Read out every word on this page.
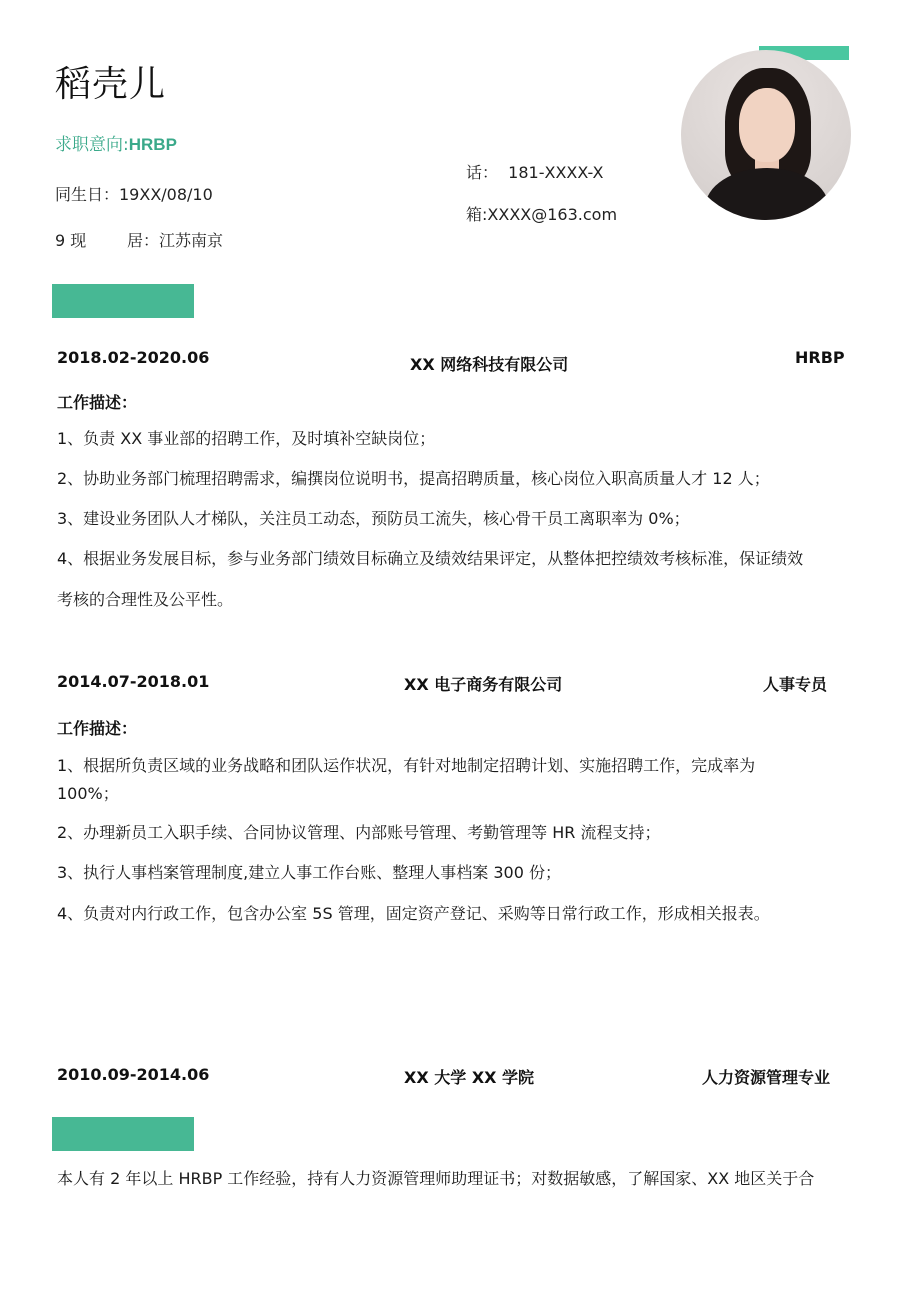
稻壳儿
求职意向:HRBP
同生日：19XX/08/10
9 现        居：江苏南京
话：  181-XXXX-X
箱:XXXX@163.com
2018.02-2020.06	XX 网络科技有限公司	HRBP
工作描述：
1、负责 XX 事业部的招聘工作，及时填补空缺岗位；
2、协助业务部门梳理招聘需求，编撰岗位说明书，提高招聘质量，核心岗位入职高质量人才 12 人；
3、建设业务团队人才梯队，关注员工动态，预防员工流失，核心骨干员工离职率为 0%；
4、根据业务发展目标，参与业务部门绩效目标确立及绩效结果评定，从整体把控绩效考核标准，保证绩效
考核的合理性及公平性。
2014.07-2018.01	XX 电子商务有限公司	人事专员
工作描述：
1、根据所负责区域的业务战略和团队运作状况，有针对地制定招聘计划、实施招聘工作，完成率为
100%；
2、办理新员工入职手续、合同协议管理、内部账号管理、考勤管理等 HR 流程支持；
3、执行人事档案管理制度,建立人事工作台账、整理人事档案 300 份；
4、负责对内行政工作，包含办公室 5S 管理，固定资产登记、采购等日常行政工作，形成相关报表。
2010.09-2014.06	XX 大学 XX 学院	人力资源管理专业
本人有 2 年以上 HRBP 工作经验，持有人力资源管理师助理证书；对数据敏感，了解国家、XX 地区关于合
